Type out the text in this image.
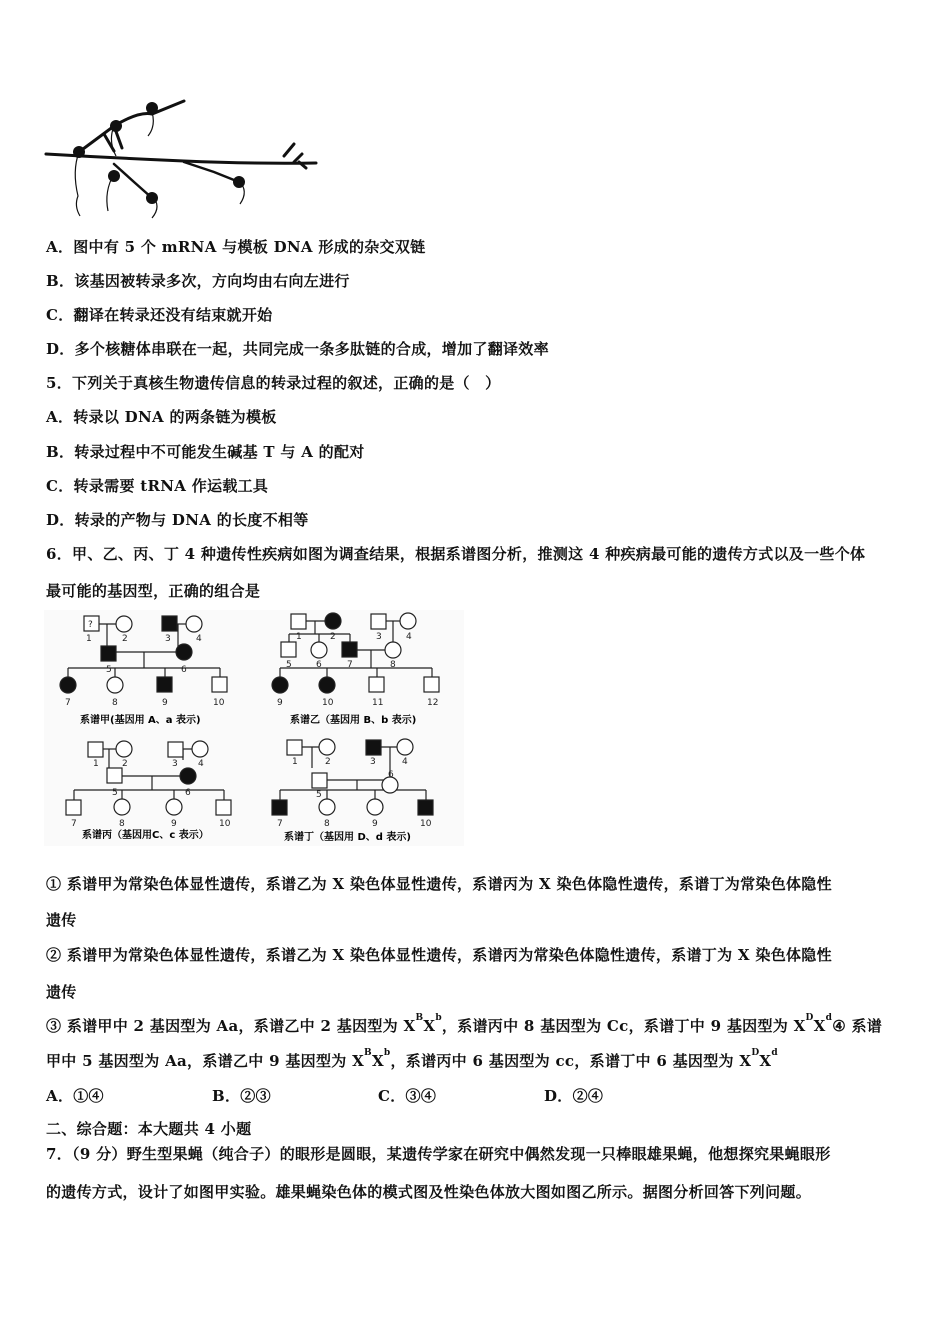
A．图中有 5 个 mRNA 与模板 DNA 形成的杂交双链
B．该基因被转录多次，方向均由右向左进行
C．翻译在转录还没有结束就开始
D．多个核糖体串联在一起，共同完成一条多肽链的合成，增加了翻译效率
5．下列关于真核生物遗传信息的转录过程的叙述，正确的是（　）
A．转录以 DNA 的两条链为模板
B．转录过程中不可能发生碱基 T 与 A 的配对
C．转录需要 tRNA 作运载工具
D．转录的产物与 DNA 的长度不相等
6．甲、乙、丙、丁 4 种遗传性疾病如图为调查结果，根据系谱图分析，推测这 4 种疾病最可能的遗传方式以及一些个体
最可能的基因型，正确的组合是
?
1	2	3	4
5	6
7	8	9	10
1	2	3	4
5	6	7	8
9	10	11	12
1	2	3 4
5	6
7	8	9	10
1	2	3	4
5
6
7	8	9	10
系谱甲(基因用 A、a 表示)	系谱乙（基因用 B、b 表示)
系谱丙（基因用C、c 表示）	系谱丁（基因用 D、d 表示)
① 系谱甲为常染色体显性遗传，系谱乙为 X 染色体显性遗传，系谱丙为 X 染色体隐性遗传，系谱丁为常染色体隐性
遗传
② 系谱甲为常染色体显性遗传，系谱乙为 X 染色体显性遗传，系谱丙为常染色体隐性遗传，系谱丁为 X 染色体隐性
遗传
③ 系谱甲中 2 基因型为 Aa，系谱乙中 2 基因型为 $X^BX^b$，系谱丙中 8 基因型为 Cc，系谱丁中 9 基因型为 $X^DX^d④$ 系谱
甲中 5 基因型为 Aa，系谱乙中 9 基因型为 $X^BX^b$，系谱丙中 6 基因型为 cc，系谱丁中 6 基因型为 $X^DX^d$
A．①④	B．②③	C．③④	D．②④
二、综合题：本大题共 4 小题
7．（9 分）野生型果蝇（纯合子）的眼形是圆眼，某遗传学家在研究中偶然发现一只棒眼雄果蝇，他想探究果蝇眼形
的遗传方式，设计了如图甲实验。雄果蝇染色体的模式图及性染色体放大图如图乙所示。据图分析回答下列问题。
